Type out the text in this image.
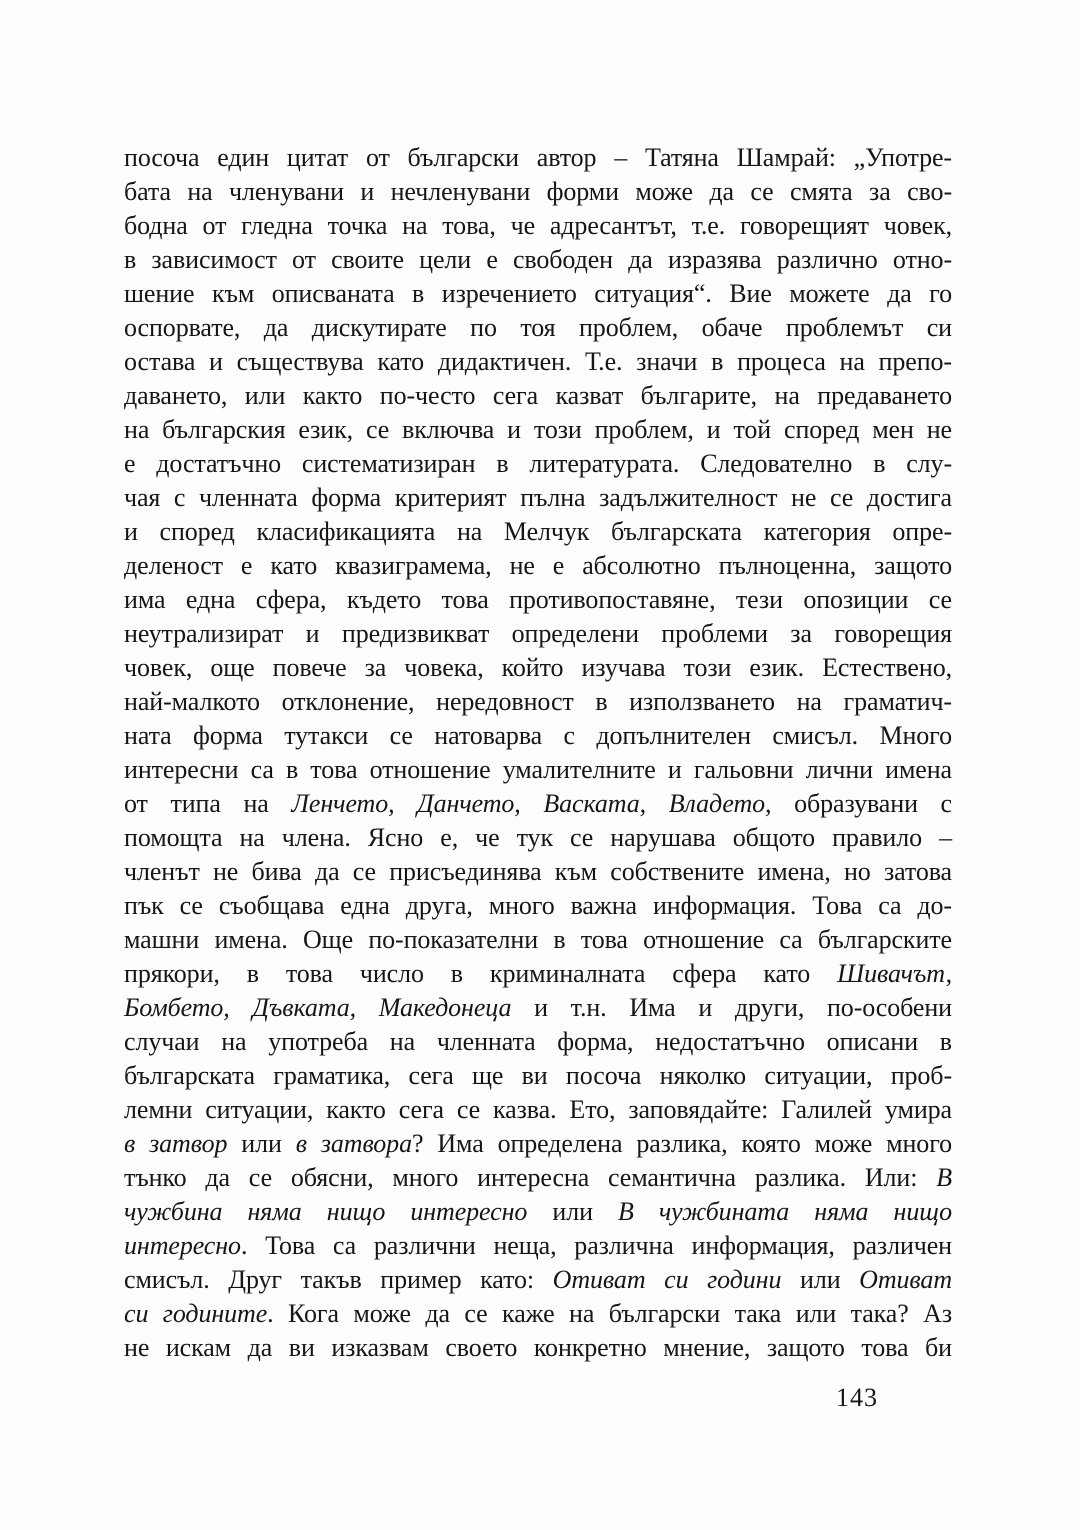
посоча един цитат от български автор – Татяна Шамрай: „Употре-
бата на членувани и нечленувани форми може да се смята за сво-
бодна от гледна точка на това, че адресантът, т.е. говорещият човек,
в зависимост от своите цели е свободен да изразява различно отно-
шение към описваната в изречението ситуация“. Вие можете да го
оспорвате, да дискутирате по тоя проблем, обаче проблемът си
остава и съществува като дидактичен. Т.е. значи в процеса на препо-
даването, или както по-често сега казват българите, на предаването
на българския език, се включва и този проблем, и той според мен не
е достатъчно систематизиран в литературата. Следователно в слу-
чая с членната форма критерият пълна задължителност не се достига
и според класификацията на Мелчук българската категория опре-
деленост е като квазиграмема, не е абсолютно пълноценна, защото
има една сфера, където това противопоставяне, тези опозиции се
неутрализират и предизвикват определени проблеми за говорещия
човек, още повече за човека, който изучава този език. Естествено,
най-малкото отклонение, нередовност в използването на граматич-
ната форма тутакси се натоварва с допълнителен смисъл. Много
интересни са в това отношение умалителните и гальовни лични имена
от типа на Ленчето, Данчето, Васката, Владето, образувани с
помощта на члена. Ясно е, че тук се нарушава общото правило –
членът не бива да се присъединява към собствените имена, но затова
пък се съобщава една друга, много важна информация. Това са до-
машни имена. Още по-показателни в това отношение са българските
прякори, в това число в криминалната сфера като Шивачът,
Бомбето, Дъвката, Македонеца и т.н. Има и други, по-особени
случаи на употреба на членната форма, недостатъчно описани в
българската граматика, сега ще ви посоча няколко ситуации, проб-
лемни ситуации, както сега се казва. Ето, заповядайте: Галилей умира
в затвор или в затвора? Има определена разлика, която може много
тънко да се обясни, много интересна семантична разлика. Или: В
чужбина няма нищо интересно или В чужбината няма нищо
интересно. Това са различни неща, различна информация, различен
смисъл. Друг такъв пример като: Отиват си години или Отиват
си годините. Кога може да се каже на български така или така? Аз
не искам да ви изказвам своето конкретно мнение, защото това би
143
